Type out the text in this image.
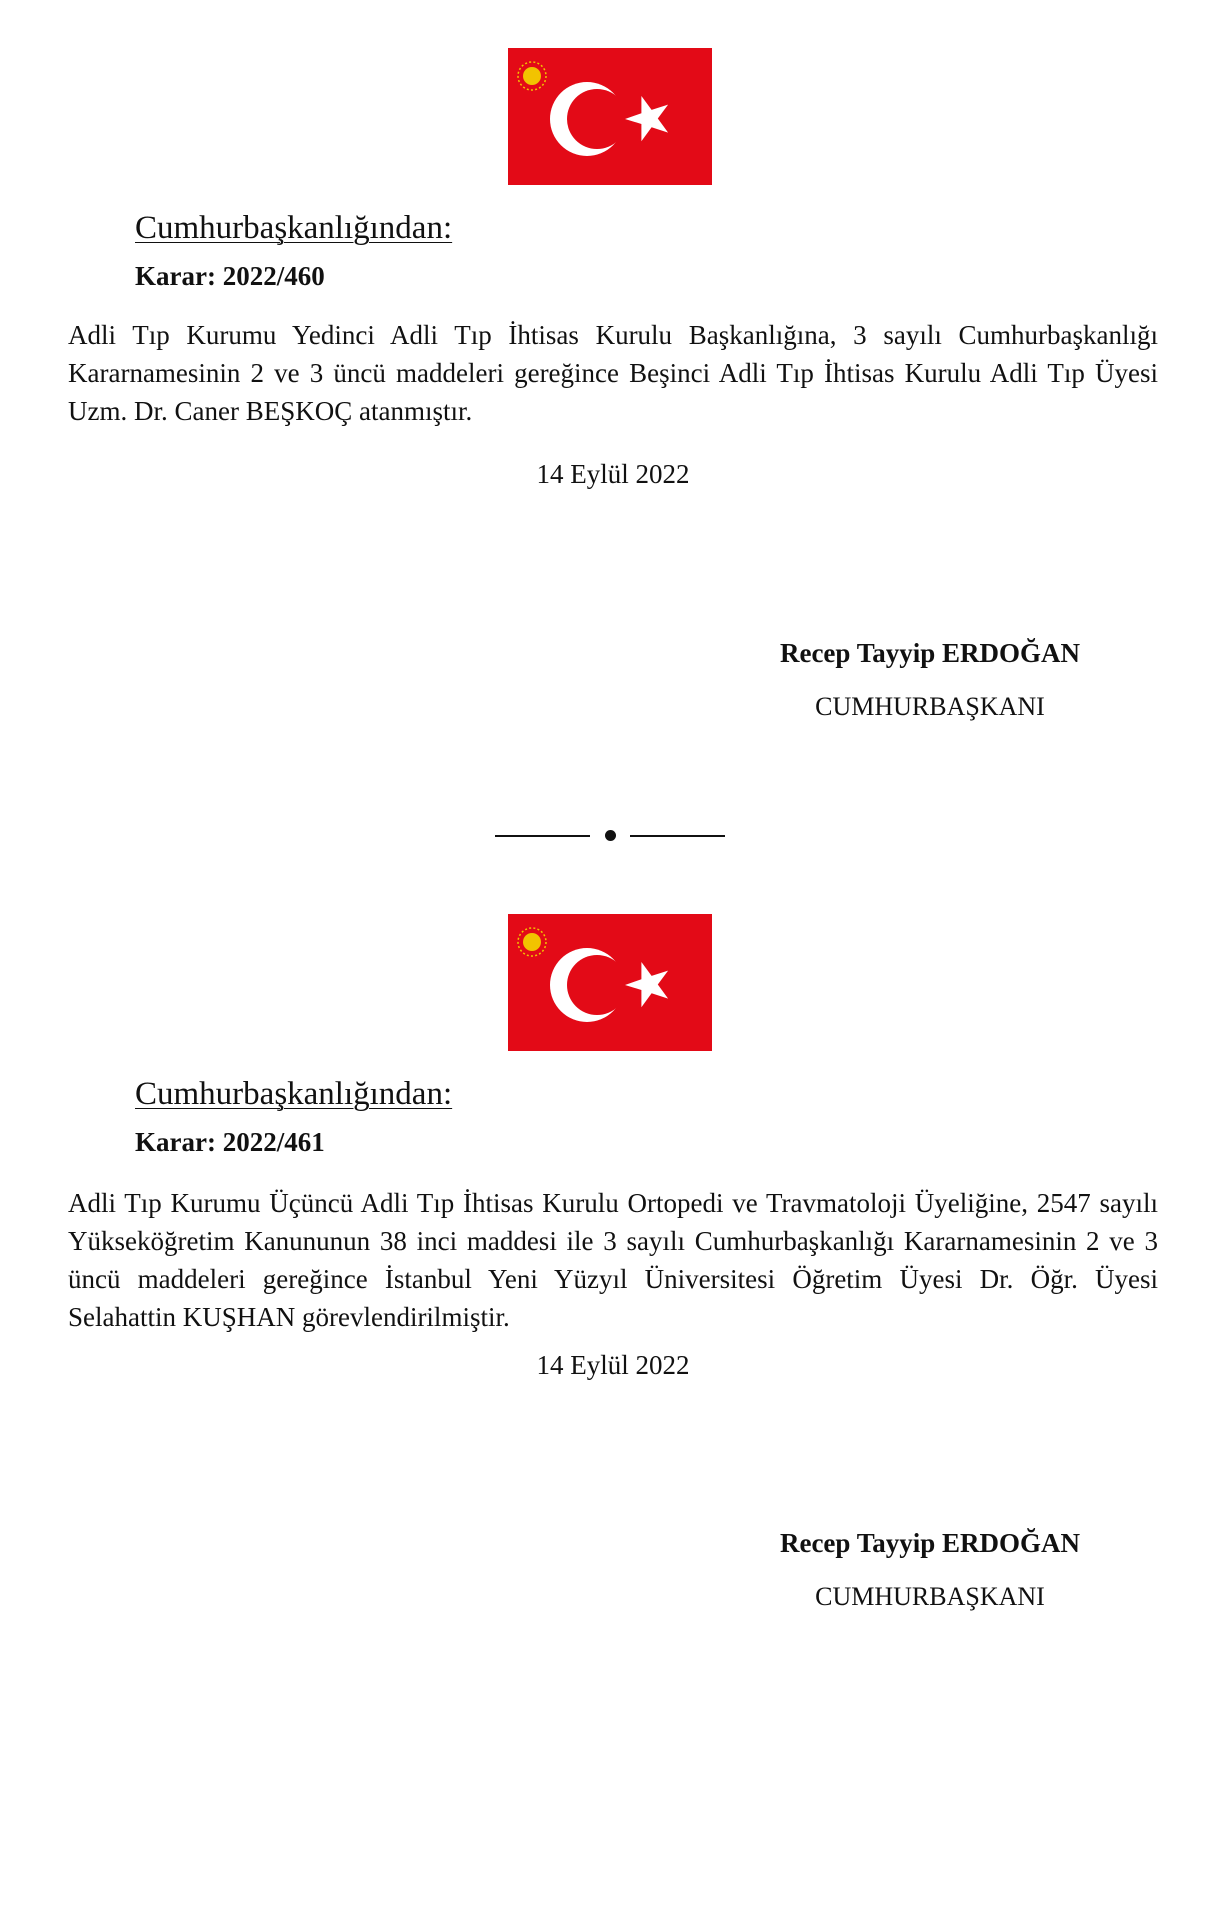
Cumhurbaşkanlığından:
Karar: 2022/460
Adli Tıp Kurumu Yedinci Adli Tıp İhtisas Kurulu Başkanlığına, 3 sayılı Cumhurbaşkanlığı Kararnamesinin 2 ve 3 üncü maddeleri gereğince Beşinci Adli Tıp İhtisas Kurulu Adli Tıp Üyesi Uzm. Dr. Caner BEŞKOÇ atanmıştır.
14 Eylül 2022
Recep Tayyip ERDOĞAN
CUMHURBAŞKANI
Cumhurbaşkanlığından:
Karar: 2022/461
Adli Tıp Kurumu Üçüncü Adli Tıp İhtisas Kurulu Ortopedi ve Travmatoloji Üyeliğine, 2547 sayılı Yükseköğretim Kanununun 38 inci maddesi ile 3 sayılı Cumhurbaşkanlığı Kararnamesinin 2 ve 3 üncü maddeleri gereğince İstanbul Yeni Yüzyıl Üniversitesi Öğretim Üyesi Dr. Öğr. Üyesi Selahattin KUŞHAN görevlendirilmiştir.
14 Eylül 2022
Recep Tayyip ERDOĞAN
CUMHURBAŞKANI
